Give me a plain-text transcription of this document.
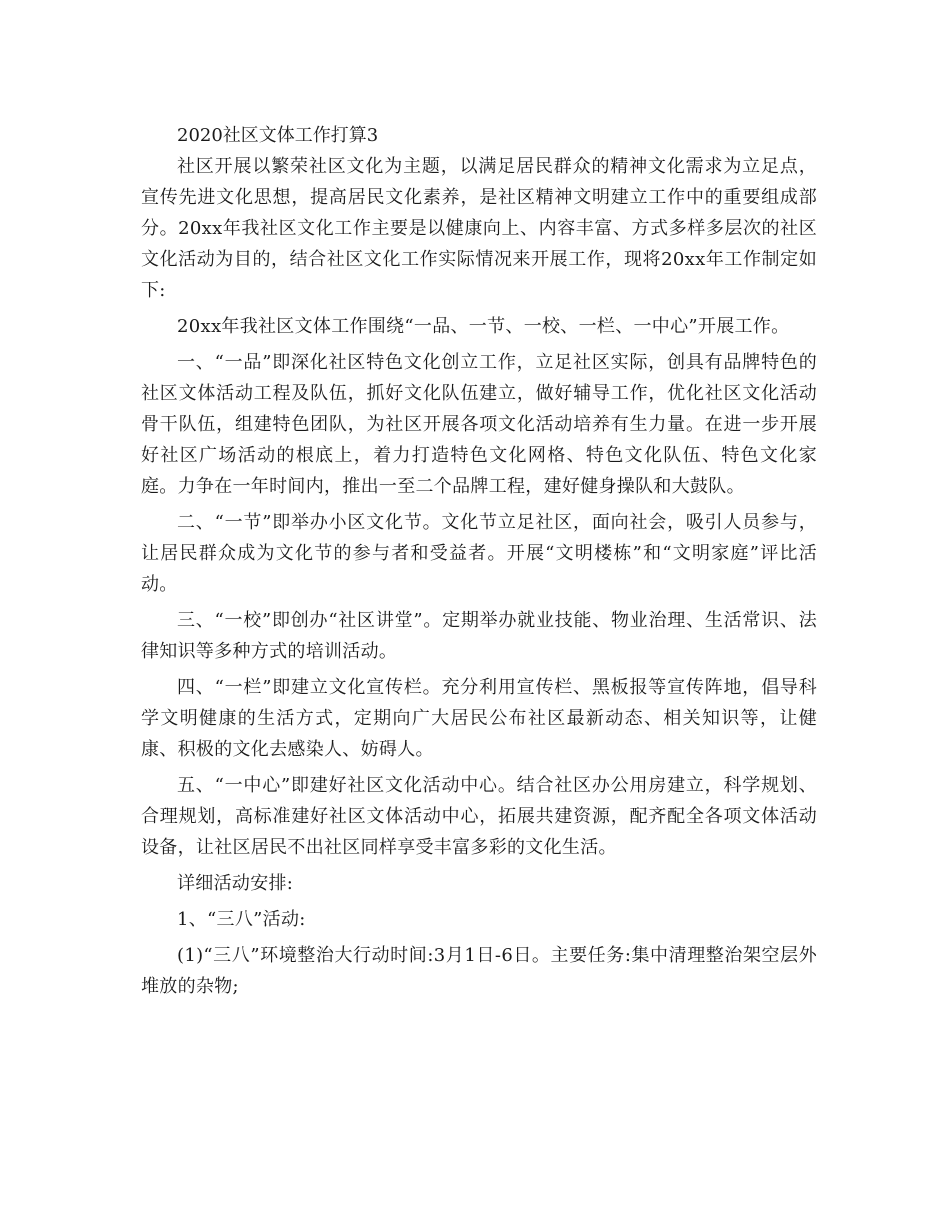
2020社区文体工作打算3

社区开展以繁荣社区文化为主题，以满足居民群众的精神文化需求为立足点，宣传先进文化思想，提高居民文化素养，是社区精神文明建立工作中的重要组成部分。20xx年我社区文化工作主要是以健康向上、内容丰富、方式多样多层次的社区文化活动为目的，结合社区文化工作实际情况来开展工作，现将20xx年工作制定如下:

20xx年我社区文体工作围绕“一品、一节、一校、一栏、一中心”开展工作。

一、“一品”即深化社区特色文化创立工作，立足社区实际，创具有品牌特色的社区文体活动工程及队伍，抓好文化队伍建立，做好辅导工作，优化社区文化活动骨干队伍，组建特色团队，为社区开展各项文化活动培养有生力量。在进一步开展好社区广场活动的根底上，着力打造特色文化网格、特色文化队伍、特色文化家庭。力争在一年时间内，推出一至二个品牌工程，建好健身操队和大鼓队。

二、“一节”即举办小区文化节。文化节立足社区，面向社会，吸引人员参与，让居民群众成为文化节的参与者和受益者。开展“文明楼栋”和“文明家庭”评比活动。

三、“一校”即创办“社区讲堂”。定期举办就业技能、物业治理、生活常识、法律知识等多种方式的培训活动。

四、“一栏”即建立文化宣传栏。充分利用宣传栏、黑板报等宣传阵地，倡导科学文明健康的生活方式，定期向广大居民公布社区最新动态、相关知识等，让健康、积极的文化去感染人、妨碍人。

五、“一中心”即建好社区文化活动中心。结合社区办公用房建立，科学规划、合理规划，高标准建好社区文体活动中心，拓展共建资源，配齐配全各项文体活动设备，让社区居民不出社区同样享受丰富多彩的文化生活。

详细活动安排:

1、“三八”活动:

(1)“三八”环境整治大行动时间:3月1日-6日。主要任务:集中清理整治架空层外堆放的杂物;
